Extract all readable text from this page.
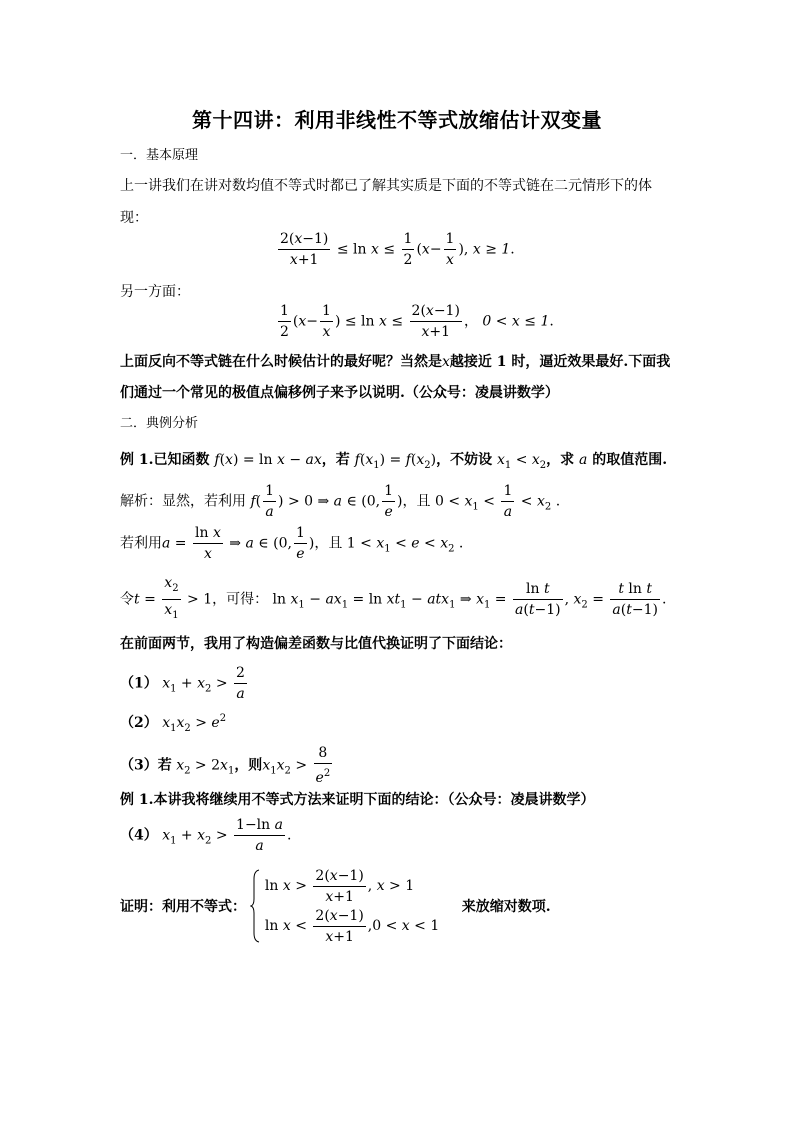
第十四讲：利用非线性不等式放缩估计双变量
一．基本原理
上一讲我们在讲对数均值不等式时都已了解其实质是下面的不等式链在二元情形下的体
现：
$\frac{2(x-1)}{x+1} \le \ln x \le \frac{1}{2} (x- \frac{1}{x}$ ), x ≥ 1.
另一方面：
$\frac{1}{2} (x- \frac{1}{x}$ ) ≤ $\ln x \le \frac{2(x-1)}{x+1}$ ， 0 < x ≤ 1.
上面反向不等式链在什么时候估计的最好呢？当然是x越接近 1 时，逼近效果最好.下面我
们通过一个常见的极值点偏移例子来予以说明.（公众号：凌晨讲数学）
二．典例分析
例 1.已知函数 f(x) = ln x − ax，若 $f(x_1) = f(x_2)$，不妨设 $x_1 < x_2$，求 a 的取值范围.
解析：显然，若利用 $f( \frac{1}{a}$ ) > 0 ⇒ a ∈ (0, $\frac{1}{e}$ )，且 $0 < x_1 < \frac{1}{a} < x_2$ .
若利用$a = \frac{\text{ln x}}{x}$ ⇒ a ∈ (0, $\frac{1}{e}$ )，且 $1 < x_1 < e < x_2$ .
令$t = \frac{x_2}{x_1} > 1$，可得： $\ln x_1 - ax_1 = \ln xt_1 - atx_1$ ⇒ $x_1 = \frac{\text{ln t}}{a(t-1)}$ , $x_2 = \frac{\text{t ln t}}{a(t-1)}$ .
在前面两节，我用了构造偏差函数与比值代换证明了下面结论：
（1） $x_1 + x_2 > \frac{2}{a}$
（2） $x_1x_2 > e^2$
（3）若 $x_2 > 2x_1$，则$x_1x_2 > \frac{8}{e^2}$
例 1.本讲我将继续用不等式方法来证明下面的结论：（公众号：凌晨讲数学）
（4） $x_1 + x_2 > \frac{\text{1−ln a}}{a}$ .
证明：利用不等式：
$\ln x > \frac{2(x-1)}{x+1}$ , x > 1
$\ln x < \frac{2(x-1)}{x+1} ,0 < x < 1$
来放缩对数项.
